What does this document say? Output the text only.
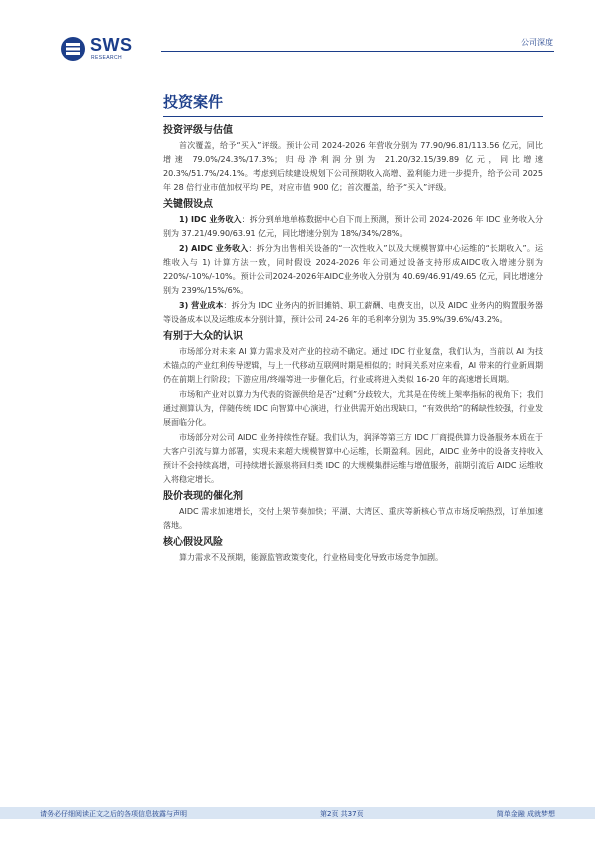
SWS
RESEARCH
公司深度
投资案件
投资评级与估值

首次覆盖，给予“买入”评级。预计公司 2024-2026 年营收分别为 77.90/96.81/113.56 亿元，同比增速 79.0%/24.3%/17.3%；归母净利润分别为 21.20/32.15/39.89 亿元，同比增速 20.3%/51.7%/24.1%。考虑到后续建设规划下公司预期收入高增、盈利能力进一步提升，给予公司 2025 年 28 倍行业市值加权平均 PE，对应市值 900 亿；首次覆盖，给予“买入”评级。

关键假设点

1) IDC 业务收入：拆分到单地单栋数据中心自下而上预测，预计公司 2024-2026 年 IDC 业务收入分别为 37.21/49.90/63.91 亿元，同比增速分别为 18%/34%/28%。

2) AIDC 业务收入：拆分为出售相关设备的“一次性收入”以及大规模智算中心运维的“长期收入”。运维收入与 1) 计算方法一致，同时假设 2024-2026 年公司通过设备支持形成AIDC收入增速分别为 220%/-10%/-10%。预计公司2024-2026年AIDC业务收入分别为 40.69/46.91/49.65 亿元，同比增速分别为 239%/15%/6%。

3) 营业成本：拆分为 IDC 业务内的折旧摊销、职工薪酬、电费支出，以及 AIDC 业务内的购置服务器等设备成本以及运维成本分别计算，预计公司 24-26 年的毛利率分别为 35.9%/39.6%/43.2%。

有别于大众的认识

市场部分对未来 AI 算力需求及对产业的拉动不确定。通过 IDC 行业复盘，我们认为，当前以 AI 为技术锚点的产业红利传导逻辑，与上一代移动互联网时期是相似的；时间关系对应来看，AI 带来的行业新周期仍在前期上行阶段；下游应用/终端等进一步催化后，行业或将进入类似 16-20 年的高速增长周期。

市场和产业对以算力为代表的资源供给是否“过剩”分歧较大，尤其是在传统上架率指标的视角下；我们通过测算认为，伴随传统 IDC 向智算中心演进，行业供需开始出现缺口，“有效供给”的稀缺性较强，行业发展面临分化。

市场部分对公司 AIDC 业务持续性存疑。我们认为，润泽等第三方 IDC 厂商提供算力设备服务本质在于大客户引流与算力部署，实现未来超大规模智算中心运维，长期盈利。因此，AIDC 业务中的设备支持收入预计不会持续高增，可持续增长源泉将回归类 IDC 的大规模集群运维与增值服务，前期引流后 AIDC 运维收入将稳定增长。

股价表现的催化剂

AIDC 需求加速增长，交付上架节奏加快；平湖、大湾区、重庆等新核心节点市场反响热烈，订单加速落地。

核心假设风险

算力需求不及预期，能源监管政策变化，行业格局变化导致市场竞争加剧。

请务必仔细阅读正文之后的各项信息披露与声明	第2页 共37页	简单金融 成就梦想
